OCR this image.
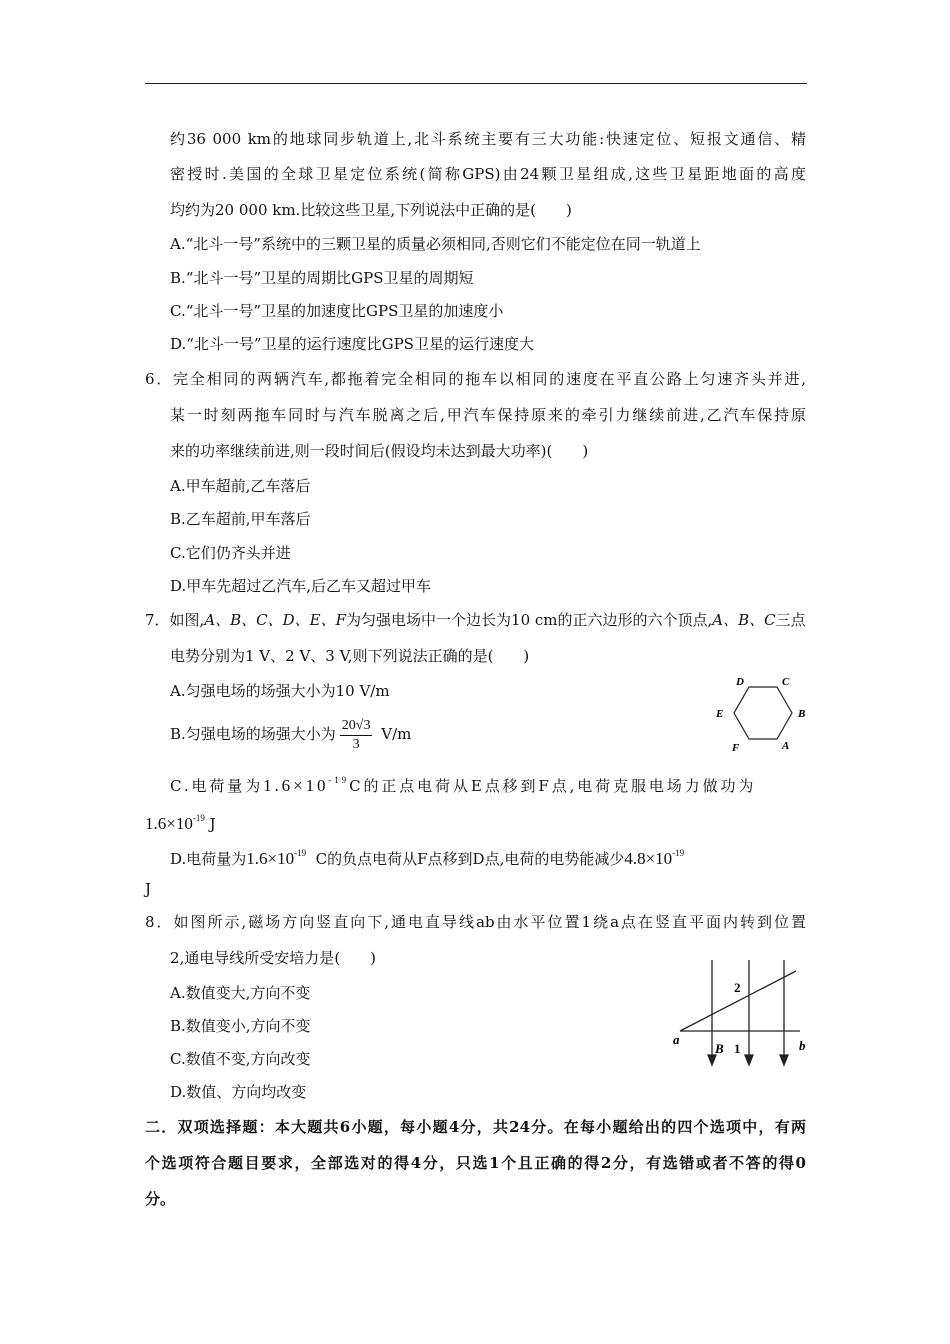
约36 000 km的地球同步轨道上,北斗系统主要有三大功能:快速定位、短报文通信、精
密授时.美国的全球卫星定位系统(简称GPS)由24颗卫星组成,这些卫星距地面的高度
均约为20 000 km.比较这些卫星,下列说法中正确的是(　　)
A.“北斗一号”系统中的三颗卫星的质量必须相同,否则它们不能定位在同一轨道上
B.“北斗一号”卫星的周期比GPS卫星的周期短
C.“北斗一号”卫星的加速度比GPS卫星的加速度小
D.“北斗一号”卫星的运行速度比GPS卫星的运行速度大
6．完全相同的两辆汽车,都拖着完全相同的拖车以相同的速度在平直公路上匀速齐头并进,
某一时刻两拖车同时与汽车脱离之后,甲汽车保持原来的牵引力继续前进,乙汽车保持原
来的功率继续前进,则一段时间后(假设均未达到最大功率)(　　)
A.甲车超前,乙车落后
B.乙车超前,甲车落后
C.它们仍齐头并进
D.甲车先超过乙汽车,后乙车又超过甲车
7．如图,A、B、C、D、E、F为匀强电场中一个边长为10 cm的正六边形的六个顶点,A、B、C三点
电势分别为1 V、2 V、3 V,则下列说法正确的是(　　)
A.匀强电场的场强大小为10 V/m
B.匀强电场的场强大小为 $\frac{20√3}{3} V/m$
C.电荷量为$1.6\times 10^{-19}C$的正点电荷从E点移到F点,电荷克服电场力做功为
$1.6\times 10^{-19}$ J
D.电荷量为$1.6\times 10^{-19}$ C的负点电荷从F点移到D点,电荷的电势能减少$4.8\times 10^{-19}$
J
D	C
E	B
F	A
8．如图所示,磁场方向竖直向下,通电直导线ab由水平位置1绕a点在竖直平面内转到位置
2,通电导线所受安培力是(　　)
A.数值变大,方向不变
B.数值变小,方向不变
C.数值不变,方向改变
D.数值、方向均改变
a	b
B 1
2
二．双项选择题：本大题共6小题，每小题4分，共24分。在每小题给出的四个选项中，有两
个选项符合题目要求，全部选对的得4分，只选1个且正确的得2分，有选错或者不答的得0
分。
